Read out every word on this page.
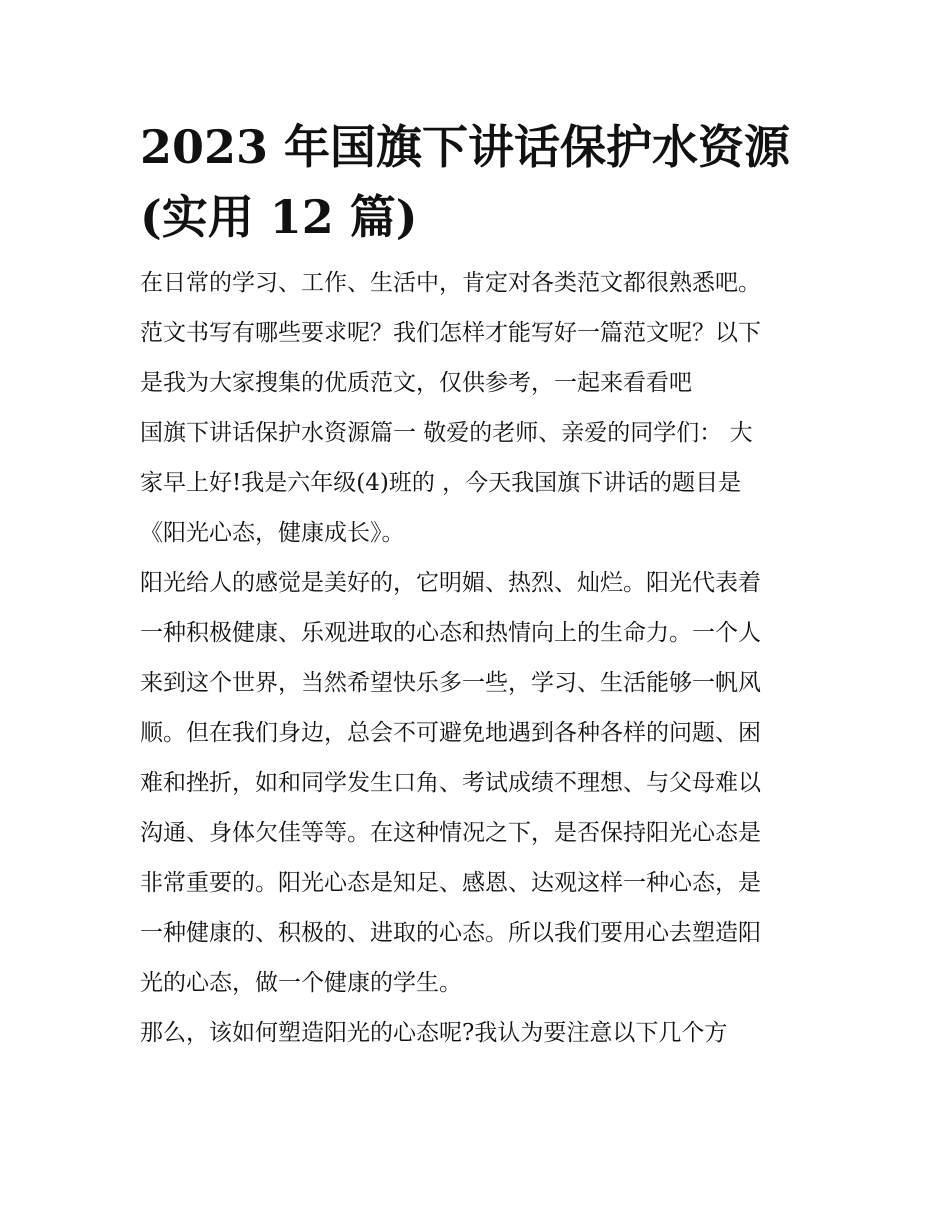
2023 年国旗下讲话保护水资源
(实用 12 篇)

在日常的学习、工作、生活中，肯定对各类范文都很熟悉吧。
范文书写有哪些要求呢？我们怎样才能写好一篇范文呢？以下
是我为大家搜集的优质范文，仅供参考，一起来看看吧

国旗下讲话保护水资源篇一 敬爱的老师、亲爱的同学们： 大
家早上好!我是六年级(4)班的 ，今天我国旗下讲话的题目是
《阳光心态，健康成长》。

阳光给人的感觉是美好的，它明媚、热烈、灿烂。阳光代表着
一种积极健康、乐观进取的心态和热情向上的生命力。一个人
来到这个世界，当然希望快乐多一些，学习、生活能够一帆风
顺。但在我们身边，总会不可避免地遇到各种各样的问题、困
难和挫折，如和同学发生口角、考试成绩不理想、与父母难以
沟通、身体欠佳等等。在这种情况之下，是否保持阳光心态是
非常重要的。阳光心态是知足、感恩、达观这样一种心态，是
一种健康的、积极的、进取的心态。所以我们要用心去塑造阳
光的心态，做一个健康的学生。

那么，该如何塑造阳光的心态呢?我认为要注意以下几个方
